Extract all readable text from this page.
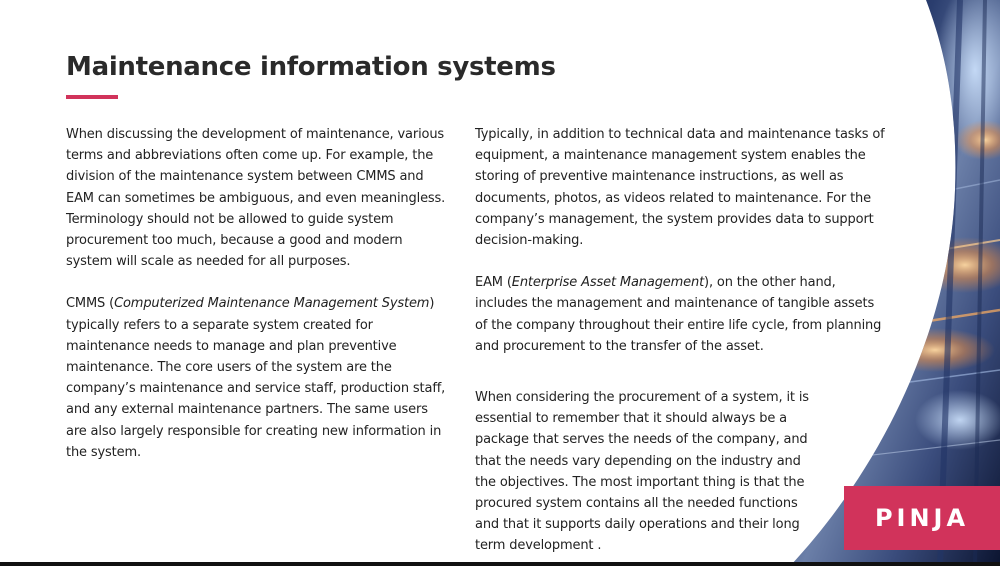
Maintenance information systems

When discussing the development of maintenance, various terms and abbreviations often come up. For example, the division of the maintenance system between CMMS and EAM can sometimes be ambiguous, and even meaningless. Terminology should not be allowed to guide system procurement too much, because a good and modern system will scale as needed for all purposes.

CMMS (Computerized Maintenance Management System) typically refers to a separate system created for maintenance needs to manage and plan preventive maintenance. The core users of the system are the company’s maintenance and service staff, production staff, and any external maintenance partners. The same users are also largely responsible for creating new information in the system.

Typically, in addition to technical data and maintenance tasks of equipment, a maintenance management system enables the storing of preventive maintenance instructions, as well as documents, photos, as videos related to maintenance. For the company’s management, the system provides data to support decision-making.

EAM (Enterprise Asset Management), on the other hand, includes the management and maintenance of tangible assets of the company throughout their entire life cycle, from planning and procurement to the transfer of the asset.

When considering the procurement of a system, it is essential to remember that it should always be a package that serves the needs of the company, and that the needs vary depending on the industry and the objectives. The most important thing is that the procured system contains all the needed functions and that it supports daily operations and their long term development .

PINJA
